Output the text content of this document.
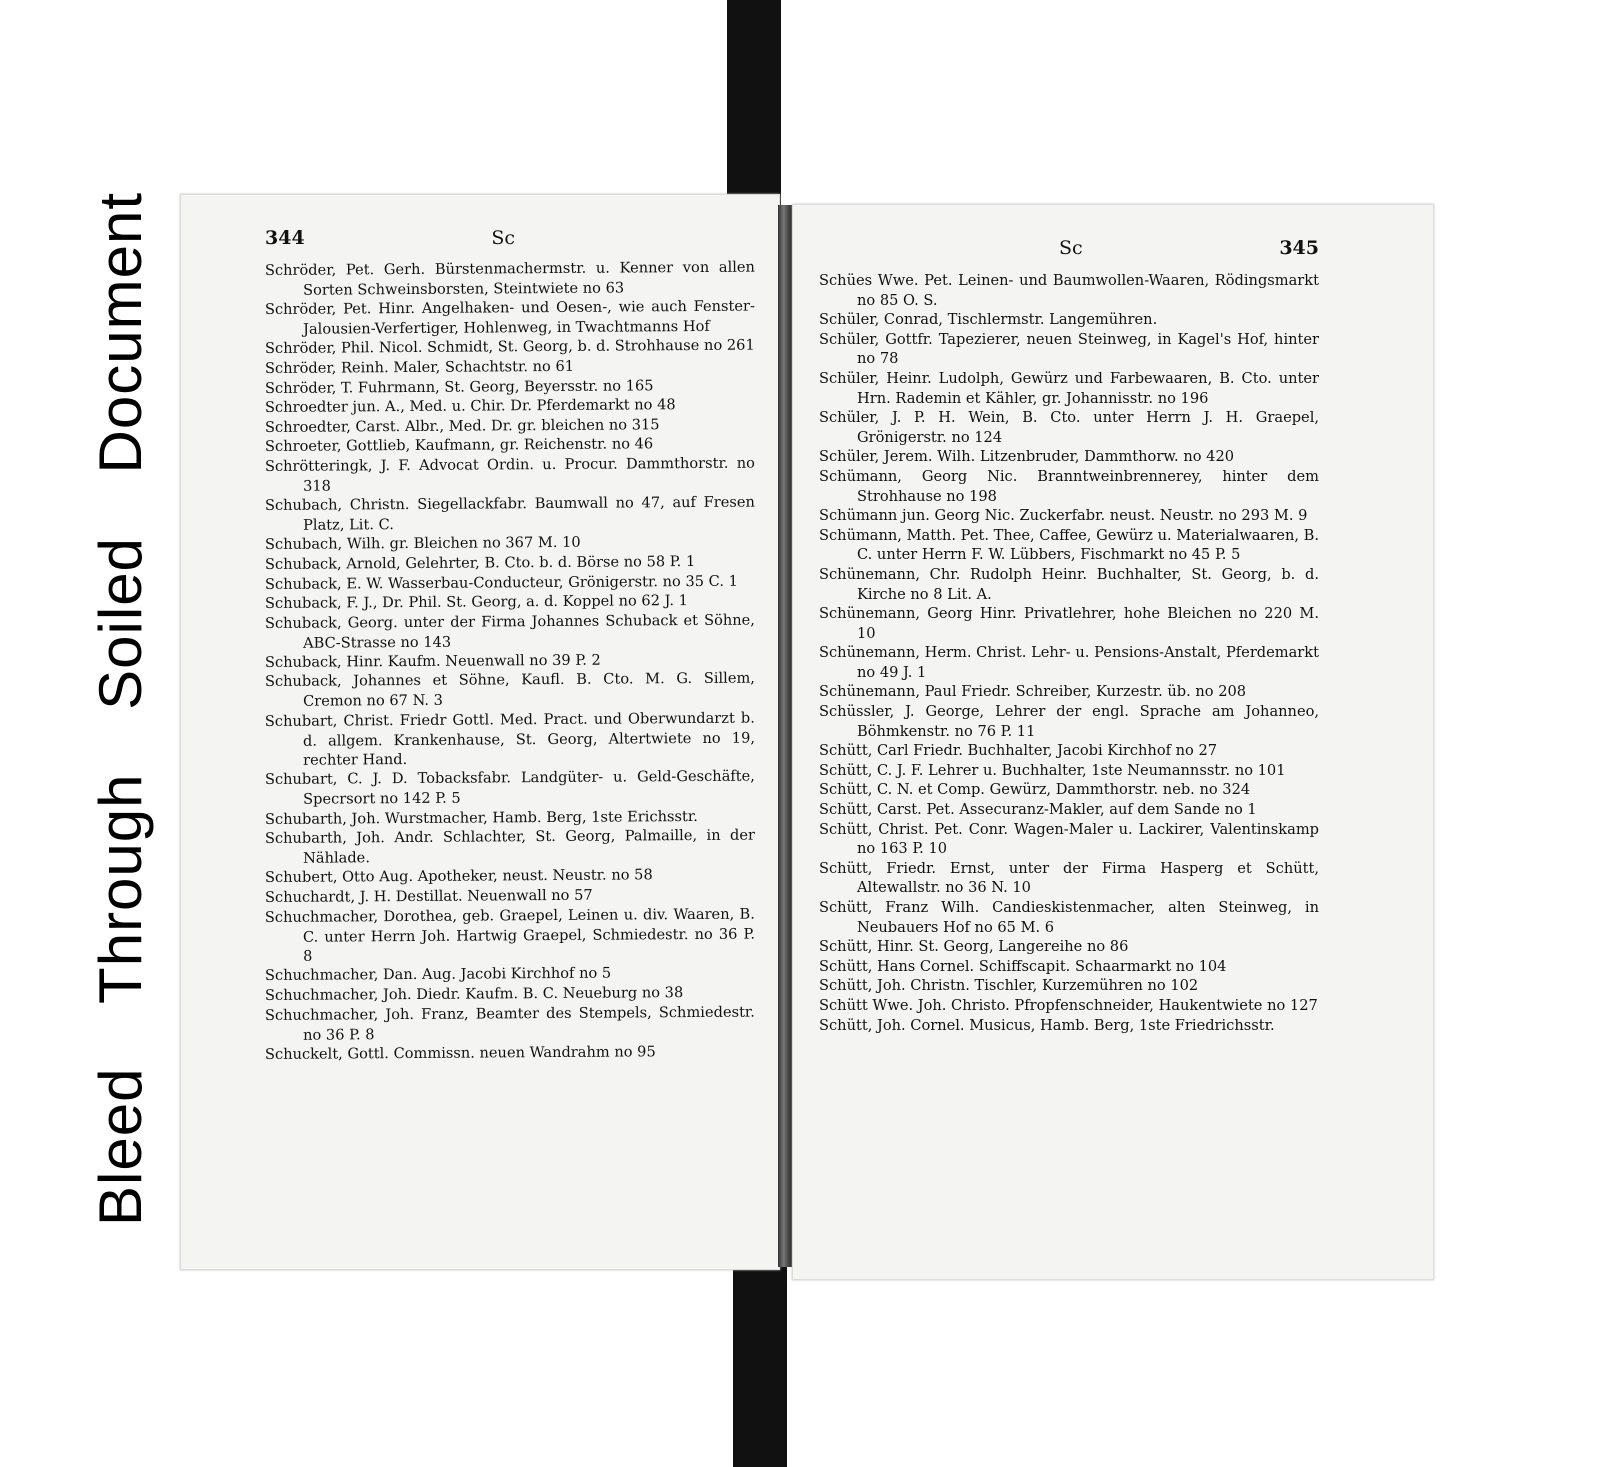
Bleed
Through
Soiled
Document	344	Sc
Schröder, Pet. Gerh. Bürstenmachermstr. u. Kenner von allen Sorten Schweinsborsten, Steintwiete no 63
Schröder, Pet. Hinr. Angelhaken- und Oesen-, wie auch Fenster-Jalousien-Verfertiger, Hohlenweg, in Twachtmanns Hof
Schröder, Phil. Nicol. Schmidt, St. Georg, b. d. Strohhause no 261
Schröder, Reinh. Maler, Schachtstr. no 61
Schröder, T. Fuhrmann, St. Georg, Beyersstr. no 165
Schroedter jun. A., Med. u. Chir. Dr. Pferdemarkt no 48
Schroedter, Carst. Albr., Med. Dr. gr. bleichen no 315
Schroeter, Gottlieb, Kaufmann, gr. Reichenstr. no 46
Schrötteringk, J. F. Advocat Ordin. u. Procur. Dammthorstr. no 318
Schubach, Christn. Siegellackfabr. Baumwall no 47, auf Fresen Platz, Lit. C.
Schubach, Wilh. gr. Bleichen no 367 M. 10
Schuback, Arnold, Gelehrter, B. Cto. b. d. Börse no 58 P. 1
Schuback, E. W. Wasserbau-Conducteur, Grönigerstr. no 35 C. 1
Schuback, F. J., Dr. Phil. St. Georg, a. d. Koppel no 62 J. 1
Schuback, Georg. unter der Firma Johannes Schuback et Söhne, ABC-Strasse no 143
Schuback, Hinr. Kaufm. Neuenwall no 39 P. 2
Schuback, Johannes et Söhne, Kaufl. B. Cto. M. G. Sillem, Cremon no 67 N. 3
Schubart, Christ. Friedr Gottl. Med. Pract. und Oberwundarzt b. d. allgem. Krankenhause, St. Georg, Altertwiete no 19, rechter Hand.
Schubart, C. J. D. Tobacksfabr. Landgüter- u. Geld-Geschäfte, Specrsort no 142 P. 5
Schubarth, Joh. Wurstmacher, Hamb. Berg, 1ste Erichsstr.
Schubarth, Joh. Andr. Schlachter, St. Georg, Palmaille, in der Nählade.
Schubert, Otto Aug. Apotheker, neust. Neustr. no 58
Schuchardt, J. H. Destillat. Neuenwall no 57
Schuchmacher, Dorothea, geb. Graepel, Leinen u. div. Waaren, B. C. unter Herrn Joh. Hartwig Graepel, Schmiedestr. no 36 P. 8
Schuchmacher, Dan. Aug. Jacobi Kirchhof no 5
Schuchmacher, Joh. Diedr. Kaufm. B. C. Neueburg no 38
Schuchmacher, Joh. Franz, Beamter des Stempels, Schmiedestr. no 36 P. 8
Schuckelt, Gottl. Commissn. neuen Wandrahm no 95
Sc	345
Schües Wwe. Pet. Leinen- und Baumwollen-Waaren, Rödingsmarkt no 85 O. S.
Schüler, Conrad, Tischlermstr. Langemühren.
Schüler, Gottfr. Tapezierer, neuen Steinweg, in Kagel's Hof, hinter no 78
Schüler, Heinr. Ludolph, Gewürz und Farbewaaren, B. Cto. unter Hrn. Rademin et Kähler, gr. Johannisstr. no 196
Schüler, J. P. H. Wein, B. Cto. unter Herrn J. H. Graepel, Grönigerstr. no 124
Schüler, Jerem. Wilh. Litzenbruder, Dammthorw. no 420
Schümann, Georg Nic. Branntweinbrennerey, hinter dem Strohhause no 198
Schümann jun. Georg Nic. Zuckerfabr. neust. Neustr. no 293 M. 9
Schümann, Matth. Pet. Thee, Caffee, Gewürz u. Materialwaaren, B. C. unter Herrn F. W. Lübbers, Fischmarkt no 45 P. 5
Schünemann, Chr. Rudolph Heinr. Buchhalter, St. Georg, b. d. Kirche no 8 Lit. A.
Schünemann, Georg Hinr. Privatlehrer, hohe Bleichen no 220 M. 10
Schünemann, Herm. Christ. Lehr- u. Pensions-Anstalt, Pferdemarkt no 49 J. 1
Schünemann, Paul Friedr. Schreiber, Kurzestr. üb. no 208
Schüssler, J. George, Lehrer der engl. Sprache am Johanneo, Böhmkenstr. no 76 P. 11
Schütt, Carl Friedr. Buchhalter, Jacobi Kirchhof no 27
Schütt, C. J. F. Lehrer u. Buchhalter, 1ste Neumannsstr. no 101
Schütt, C. N. et Comp. Gewürz, Dammthorstr. neb. no 324
Schütt, Carst. Pet. Assecuranz-Makler, auf dem Sande no 1
Schütt, Christ. Pet. Conr. Wagen-Maler u. Lackirer, Valentinskamp no 163 P. 10
Schütt, Friedr. Ernst, unter der Firma Hasperg et Schütt, Altewallstr. no 36 N. 10
Schütt, Franz Wilh. Candieskistenmacher, alten Steinweg, in Neubauers Hof no 65 M. 6
Schütt, Hinr. St. Georg, Langereihe no 86
Schütt, Hans Cornel. Schiffscapit. Schaarmarkt no 104
Schütt, Joh. Christn. Tischler, Kurzemühren no 102
Schütt Wwe. Joh. Christo. Pfropfenschneider, Haukentwiete no 127
Schütt, Joh. Cornel. Musicus, Hamb. Berg, 1ste Friedrichsstr.
